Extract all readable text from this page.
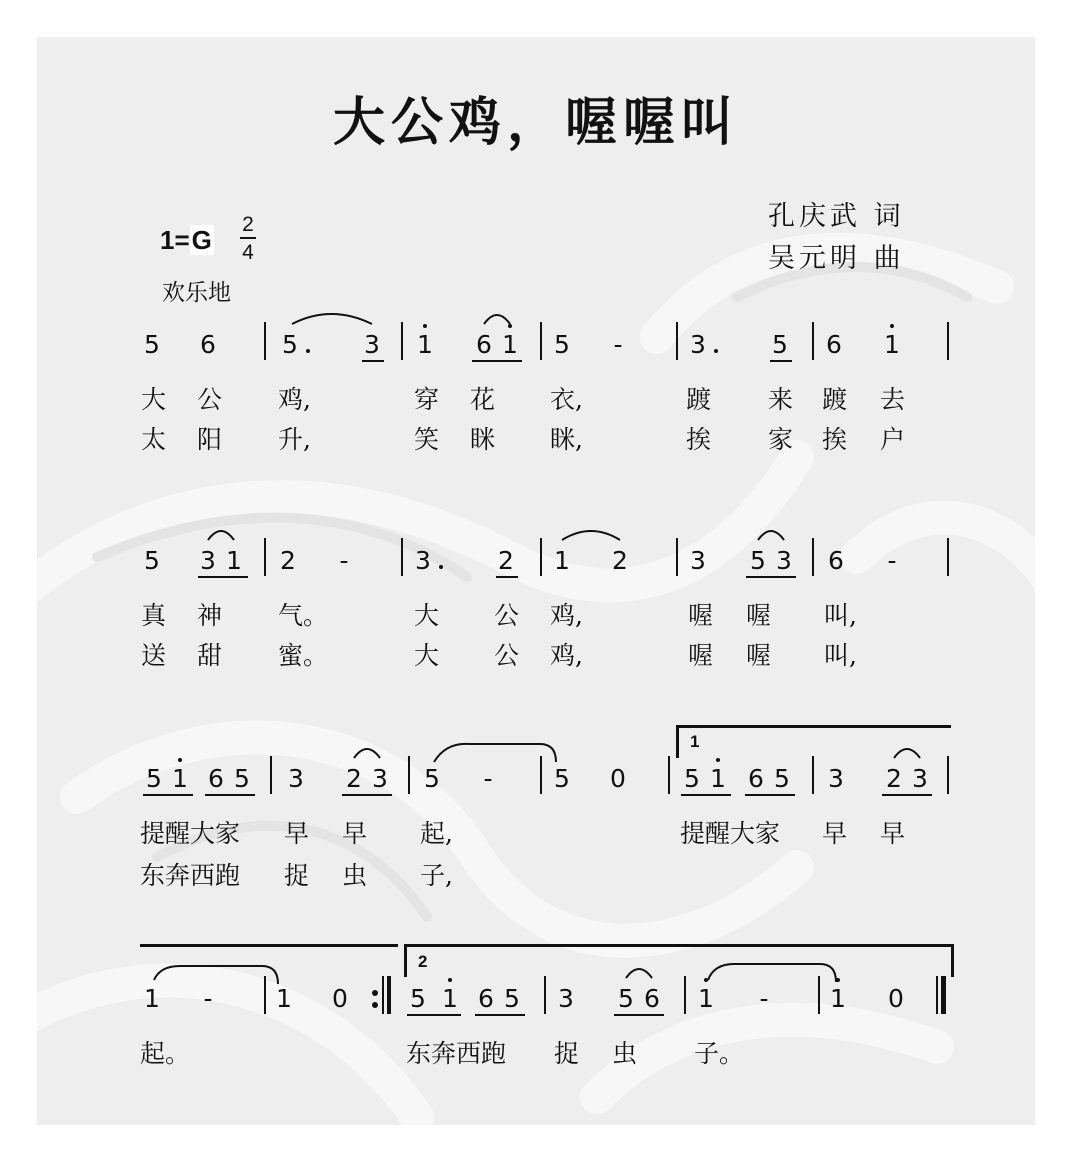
大公鸡，喔喔叫
孔庆武 词
吴元明 曲
1=G
2
4
欢乐地
5 6	5	3 1 6 1 5	-	3	5 6 1
大 公 鸡,	穿 花 衣,	踱 来 踱 去
太 阳 升,	笑 眯 眯,	挨 家 挨 户
5 3 1 2	-	3	2 1 2 3 5 3 6	-
真 神 气。	大 公 鸡,	喔 喔 叫,
送 甜 蜜。	大 公 鸡,	喔 喔 叫,
5 1 6 5 3 2 3 5	-	5 0 5 1 6 5 3 2 3
1
提醒大家 早 早 起,	提醒大家 早 早
东奔西跑 捉 虫 子,
2
1	-	1 0 5 1 6 5 3 5 6 1	-	1 0
起。	东奔西跑 捉 虫 子。
